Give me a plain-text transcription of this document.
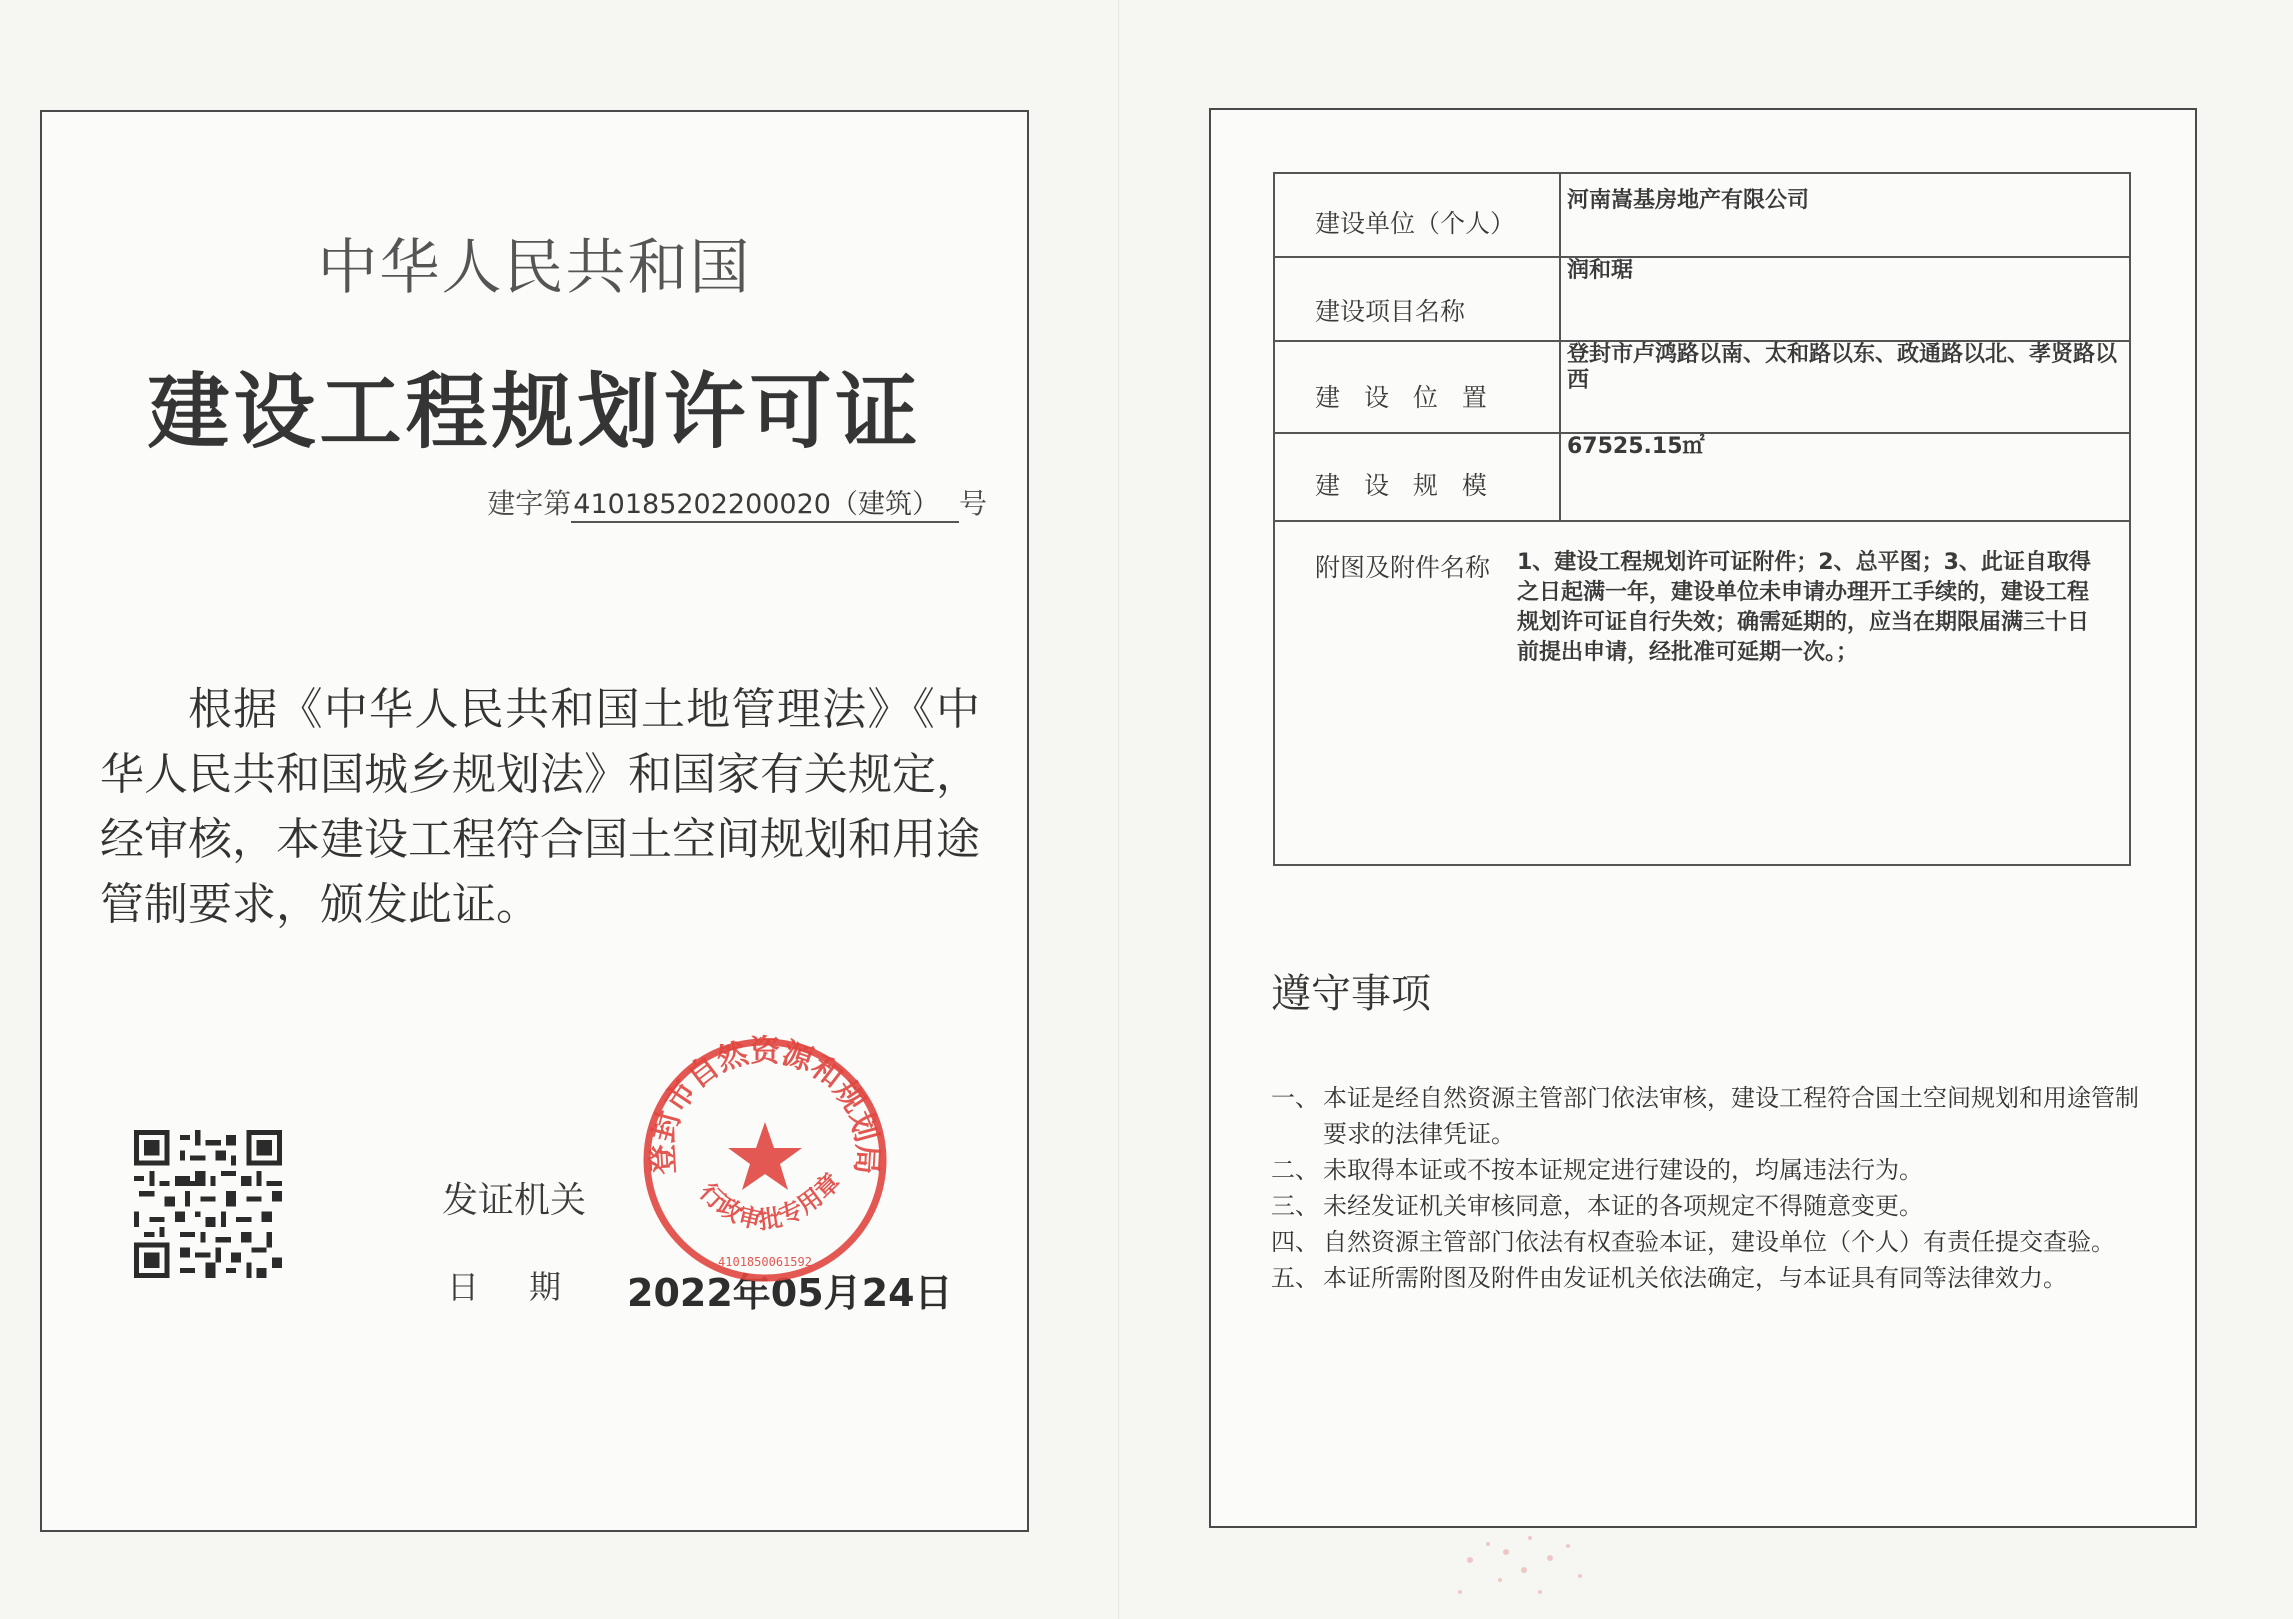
中华人民共和国
建设工程规划许可证
建字第410185202200020（建筑） 号
根据《中华人民共和国土地管理法》《中华人民共和国城乡规划法》和国家有关规定，经审核，本建设工程符合国土空间规划和用途管制要求，颁发此证。
发证机关
日期 2022年05月24日
登封市自然资源和规划局
行政审批专用章
4101850061592
建设单位（个人）	河南嵩基房地产有限公司
建设项目名称	润和琚
建 设 位 置	登封市卢鸿路以南、太和路以东、政通路以北、孝贤路以西
建 设 规 模	67525.15㎡

附图及附件名称 1、建设工程规划许可证附件；2、总平图；3、此证自取得之日起满一年，建设单位未申请办理开工手续的，建设工程规划许可证自行失效；确需延期的，应当在期限届满三十日前提出申请，经批准可延期一次。；	
遵守事项
一、 本证是经自然资源主管部门依法审核，建设工程符合国土空间规划和用途管制要求的法律凭证。
二、 未取得本证或不按本证规定进行建设的，均属违法行为。
三、 未经发证机关审核同意，本证的各项规定不得随意变更。
四、 自然资源主管部门依法有权查验本证，建设单位（个人）有责任提交查验。
五、 本证所需附图及附件由发证机关依法确定，与本证具有同等法律效力。
